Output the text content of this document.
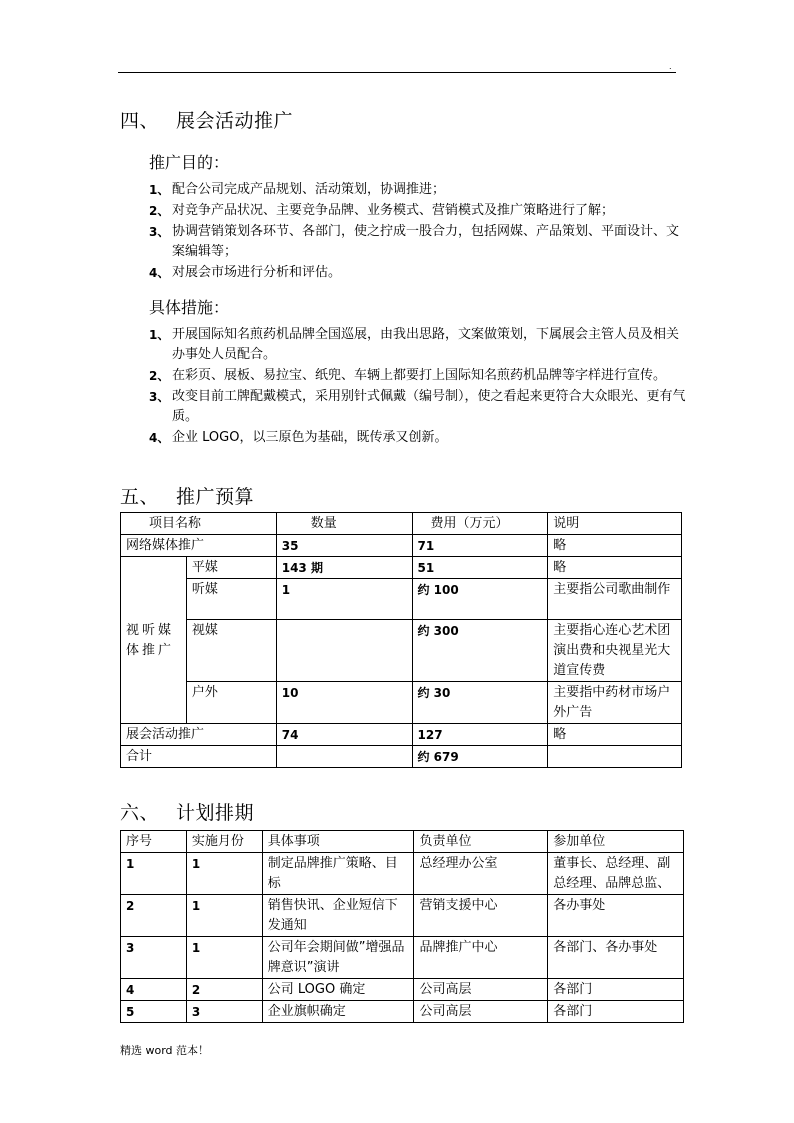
.
四、 展会活动推广
推广目的：
1、 配合公司完成产品规划、活动策划，协调推进；
2、 对竞争产品状况、主要竞争品牌、业务模式、营销模式及推广策略进行了解；
3、 协调营销策划各环节、各部门，使之拧成一股合力，包括网媒、产品策划、平面设计、文案编辑等；
4、 对展会市场进行分析和评估。
具体措施：
1、 开展国际知名煎药机品牌全国巡展，由我出思路，文案做策划，下属展会主管人员及相关办事处人员配合。
2、 在彩页、展板、易拉宝、纸兜、车辆上都要打上国际知名煎药机品牌等字样进行宣传。
3、 改变目前工牌配戴模式，采用别针式佩戴（编号制），使之看起来更符合大众眼光、更有气质。
4、 企业 LOGO，以三原色为基础，既传承又创新。
五、 推广预算
项目名称		数量	费用（万元）	说明
网络媒体推广		35	71	略
视听媒体推广	平媒	143 期	51	略
	听媒	1	约 100	主要指公司歌曲制作
	视媒		约 300	主要指心连心艺术团演出费和央视星光大道宣传费
	户外	10	约 30	主要指中药材市场户外广告
展会活动推广		74	127	略
合计			约 679	
六、 计划排期
序号	实施月份	具体事项	负责单位	参加单位
1	1	制定品牌推广策略、目标	总经理办公室	董事长、总经理、副总经理、品牌总监、
2	1	销售快讯、企业短信下发通知	营销支援中心	各办事处
3	1	公司年会期间做”增强品牌意识”演讲	品牌推广中心	各部门、各办事处
4	2	公司 LOGO 确定	公司高层	各部门
5	3	企业旗帜确定	公司高层	各部门
精选 word 范本！
